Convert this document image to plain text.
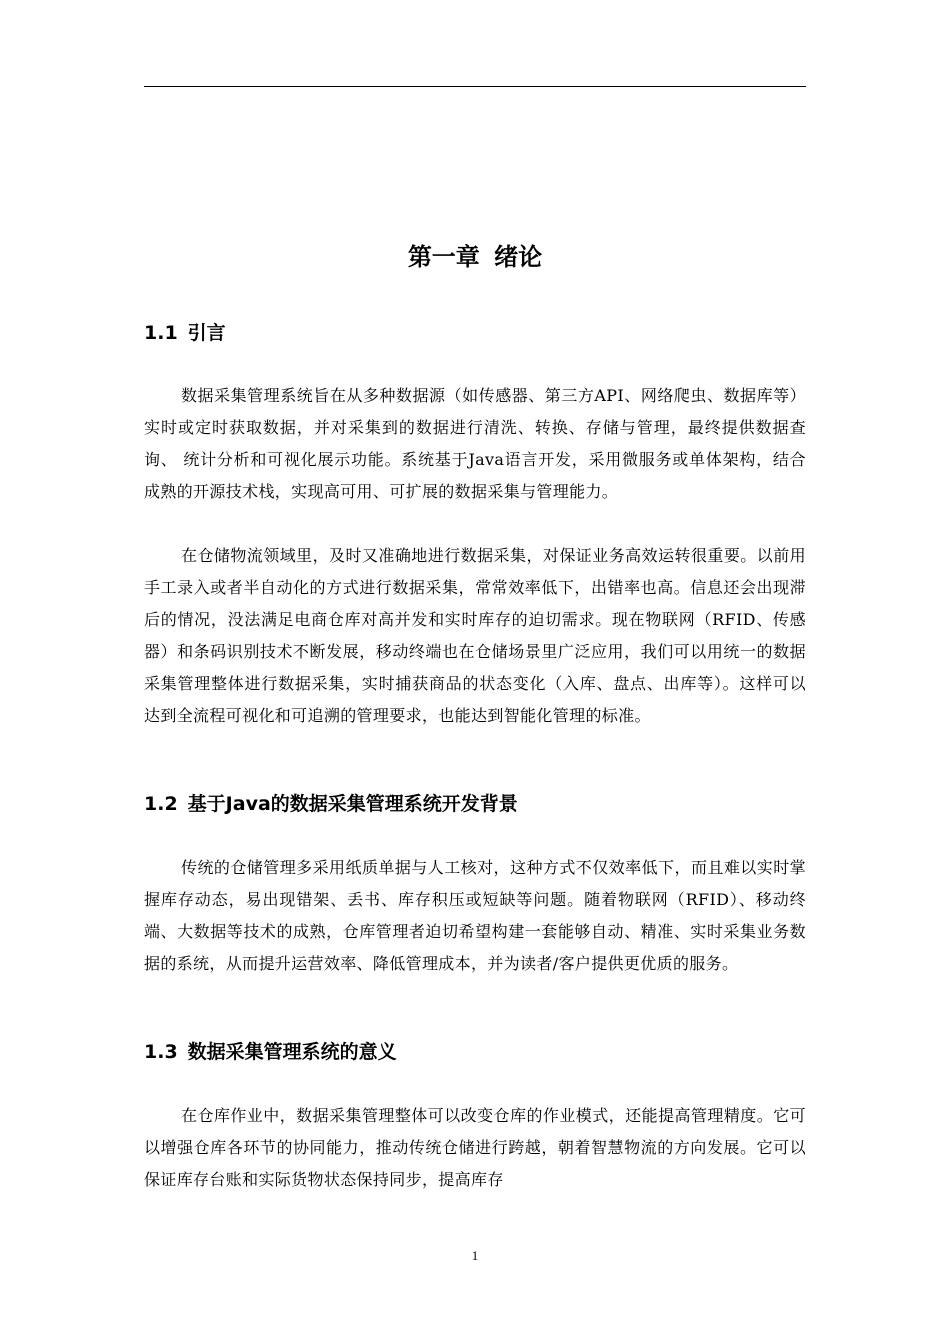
第一章 绪论
1.1 引言

数据采集管理系统旨在从多种数据源（如传感器、第三方API、网络爬虫、数据库等）实时或定时获取数据，并对采集到的数据进行清洗、转换、存储与管理，最终提供数据查询、 统计分析和可视化展示功能。系统基于Java语言开发，采用微服务或单体架构，结合成熟的开源技术栈，实现高可用、可扩展的数据采集与管理能力。

在仓储物流领域里，及时又准确地进行数据采集，对保证业务高效运转很重要。以前用手工录入或者半自动化的方式进行数据采集，常常效率低下，出错率也高。信息还会出现滞后的情况，没法满足电商仓库对高并发和实时库存的迫切需求。现在物联网（RFID、传感器）和条码识别技术不断发展，移动终端也在仓储场景里广泛应用，我们可以用统一的数据采集管理整体进行数据采集，实时捕获商品的状态变化（入库、盘点、出库等）。这样可以达到全流程可视化和可追溯的管理要求，也能达到智能化管理的标准。

1.2 基于Java的数据采集管理系统开发背景

传统的仓储管理多采用纸质单据与人工核对，这种方式不仅效率低下，而且难以实时掌握库存动态，易出现错架、丢书、库存积压或短缺等问题。随着物联网（RFID）、移动终端、大数据等技术的成熟，仓库管理者迫切希望构建一套能够自动、精准、实时采集业务数据的系统，从而提升运营效率、降低管理成本，并为读者/客户提供更优质的服务。

1.3 数据采集管理系统的意义

在仓库作业中，数据采集管理整体可以改变仓库的作业模式，还能提高管理精度。它可以增强仓库各环节的协同能力，推动传统仓储进行跨越，朝着智慧物流的方向发展。它可以保证库存台账和实际货物状态保持同步，提高库存

1
